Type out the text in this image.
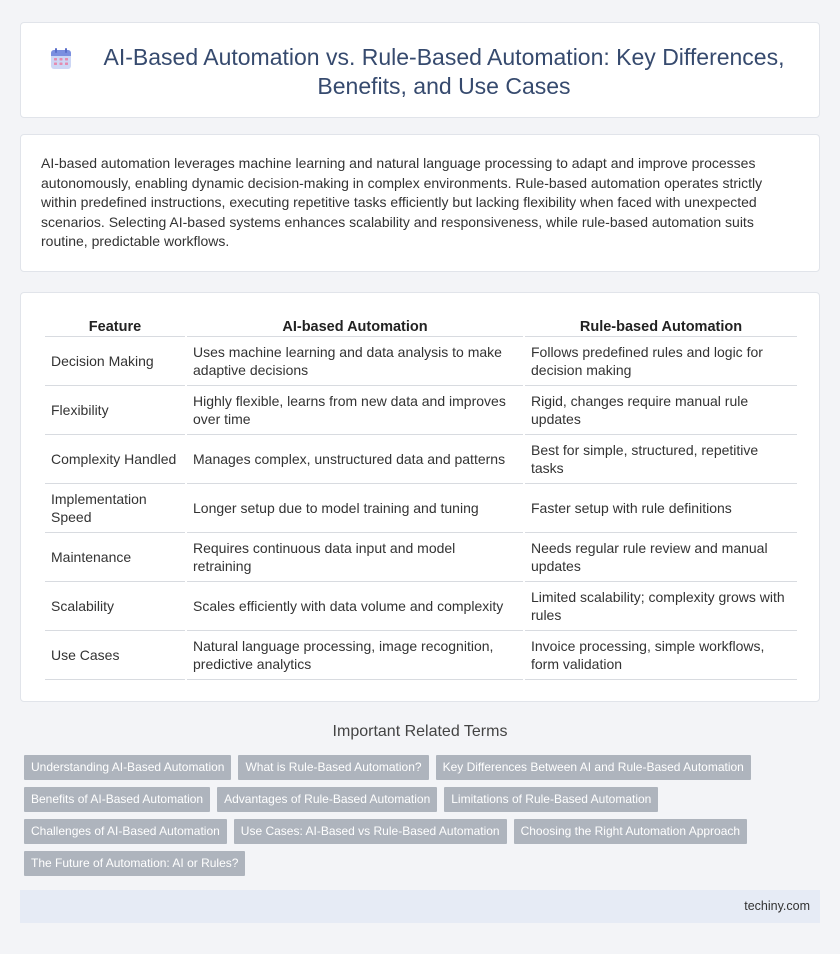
AI-Based Automation vs. Rule-Based Automation: Key Differences, Benefits, and Use Cases

AI-based automation leverages machine learning and natural language processing to adapt and improve processes autonomously, enabling dynamic decision-making in complex environments. Rule-based automation operates strictly within predefined instructions, executing repetitive tasks efficiently but lacking flexibility when faced with unexpected scenarios. Selecting AI-based systems enhances scalability and responsiveness, while rule-based automation suits routine, predictable workflows.

Feature	AI-based Automation	Rule-based Automation
Decision Making	Uses machine learning and data analysis to make adaptive decisions	Follows predefined rules and logic for decision making
Flexibility	Highly flexible, learns from new data and improves over time	Rigid, changes require manual rule updates
Complexity Handled	Manages complex, unstructured data and patterns	Best for simple, structured, repetitive tasks
Implementation Speed	Longer setup due to model training and tuning	Faster setup with rule definitions
Maintenance	Requires continuous data input and model retraining	Needs regular rule review and manual updates
Scalability	Scales efficiently with data volume and complexity	Limited scalability; complexity grows with rules
Use Cases	Natural language processing, image recognition, predictive analytics	Invoice processing, simple workflows, form validation
Important Related Terms
Understanding AI-Based Automation	What is Rule-Based Automation?	Key Differences Between AI and Rule-Based Automation
Benefits of AI-Based Automation	Advantages of Rule-Based Automation	Limitations of Rule-Based Automation
Challenges of AI-Based Automation	Use Cases: AI-Based vs Rule-Based Automation	Choosing the Right Automation Approach
The Future of Automation: AI or Rules?
techiny.com
